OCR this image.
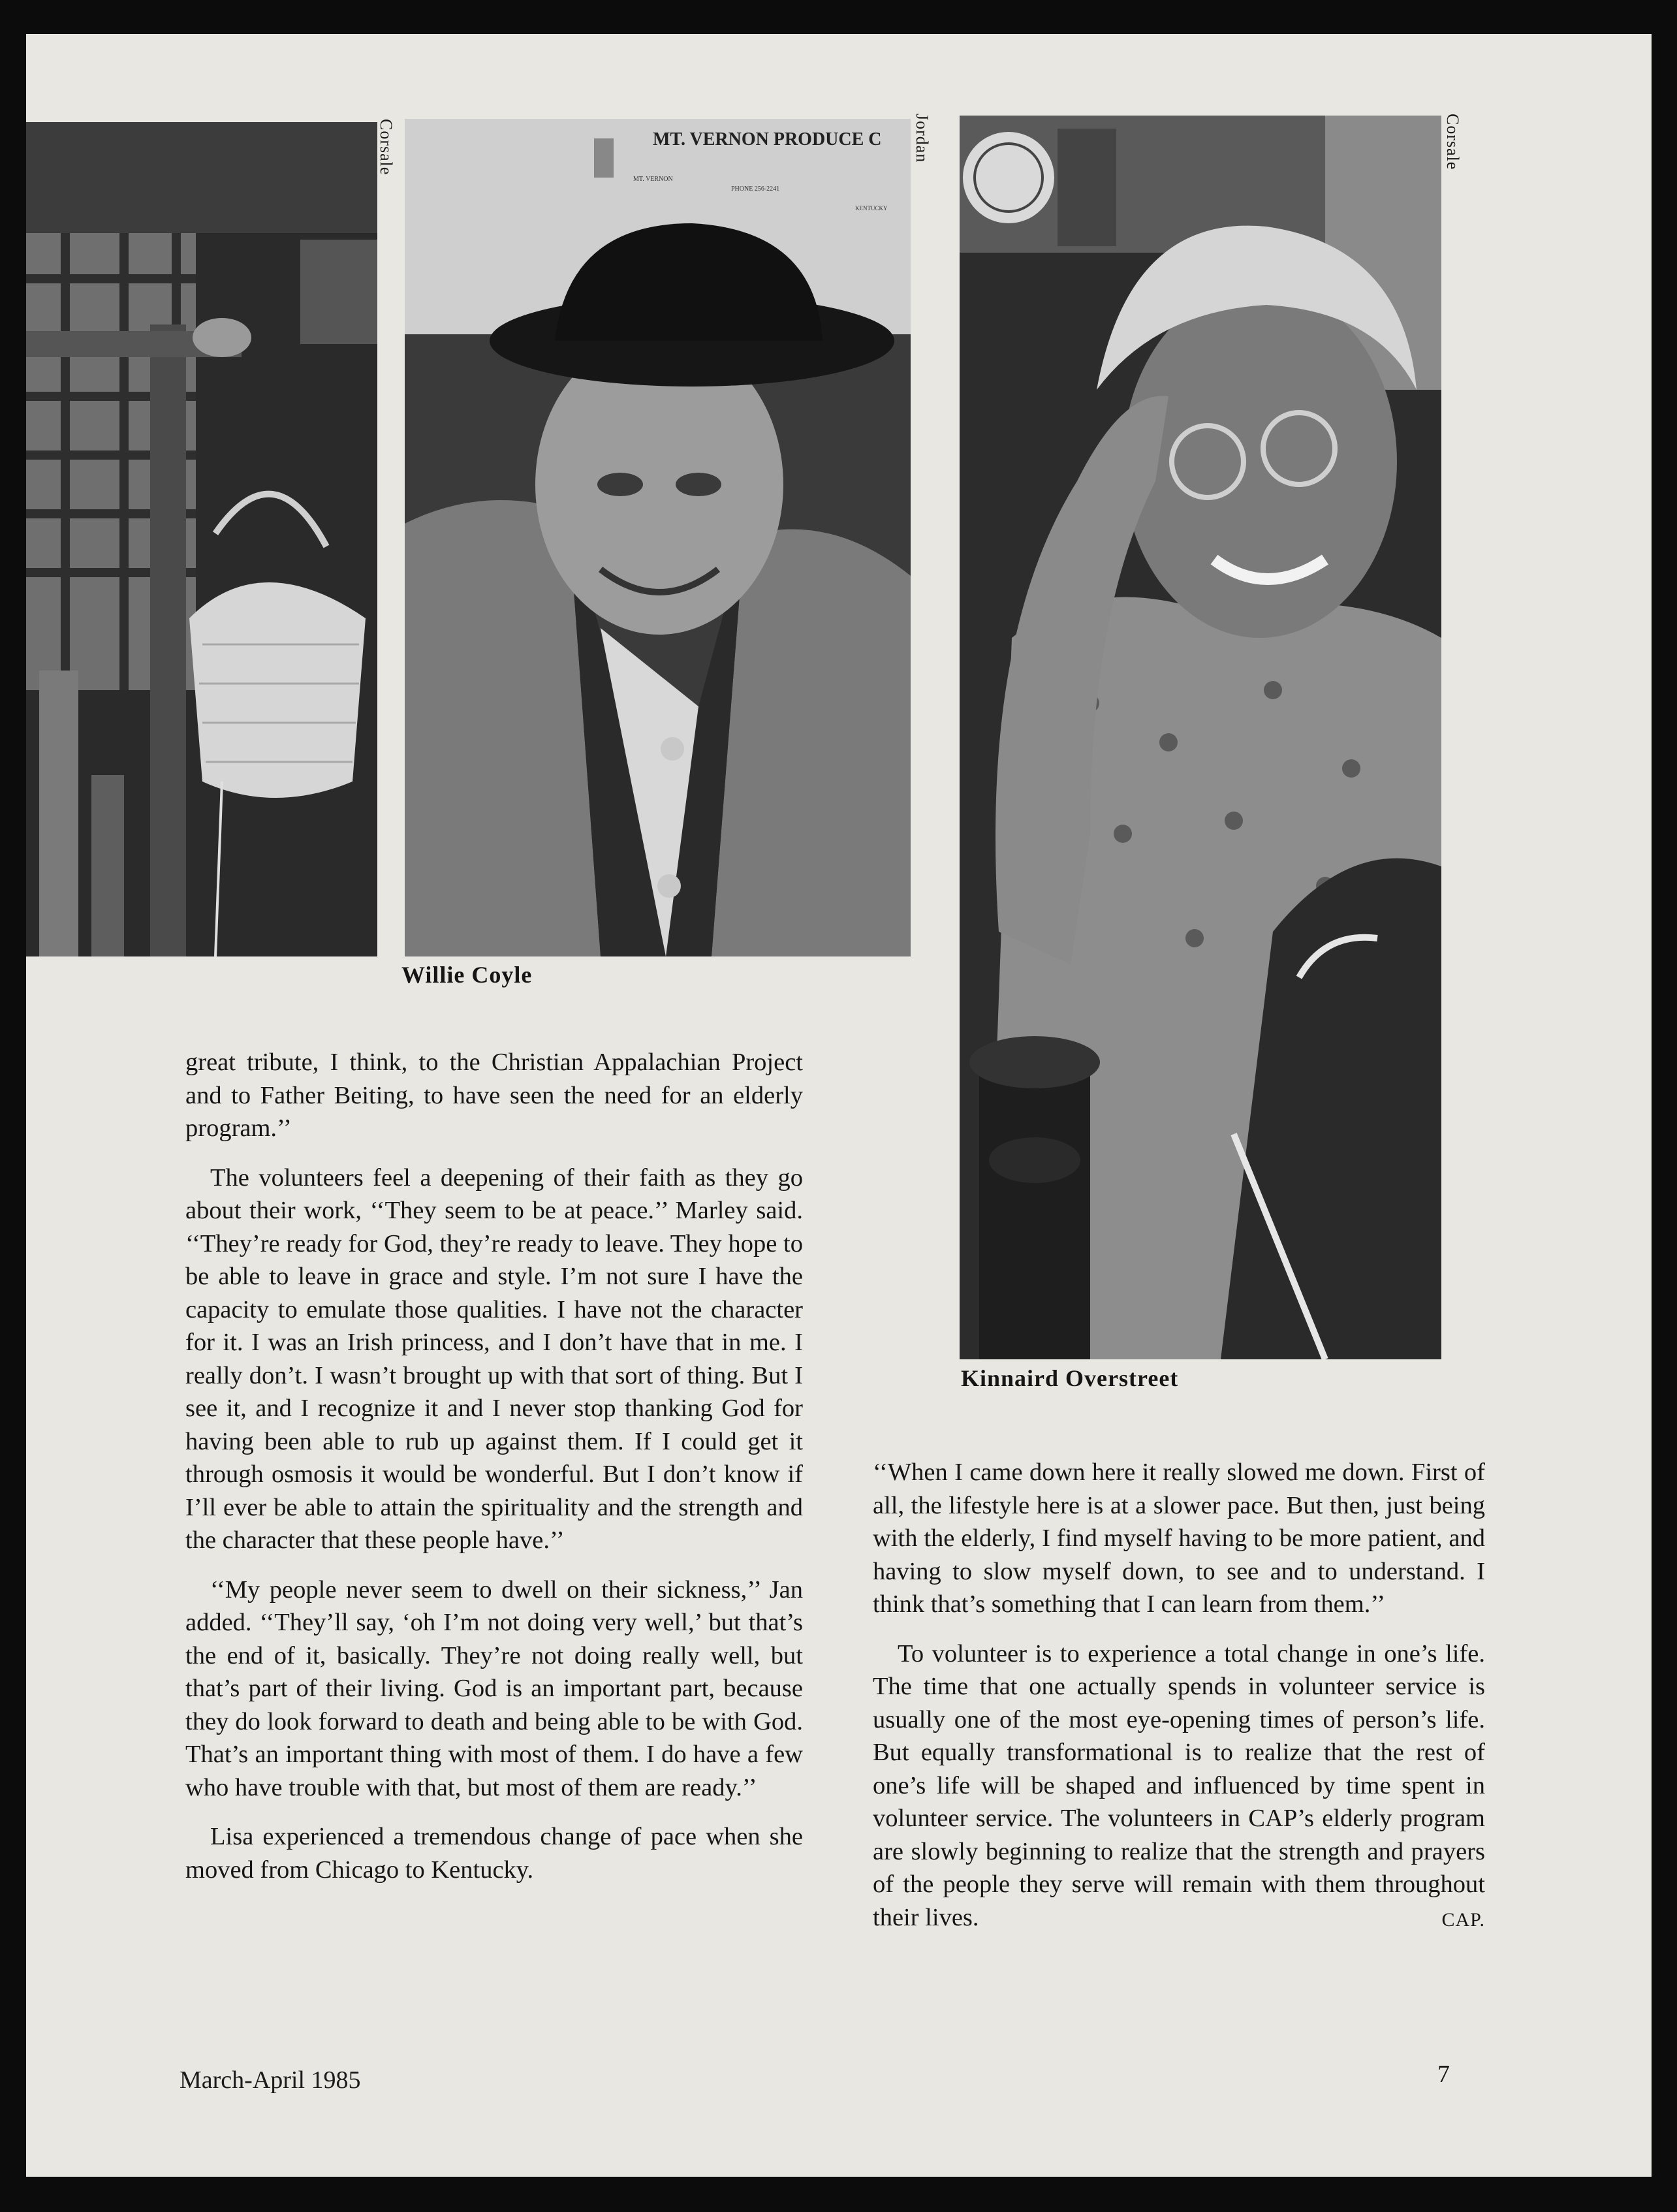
Corsale	MT. VERNON PRODUCE C
MT. VERNON
PHONE 256-2241
KENTUCKY
Jordan
Willie Coyle
Corsale
Kinnaird Overstreet

great tribute, I think, to the Christian Appalachian Project and to Father Beiting, to have seen the need for an elderly program.’’

The volunteers feel a deepening of their faith as they go about their work, ‘‘They seem to be at peace.’’ Marley said. ‘‘They’re ready for God, they’re ready to leave. They hope to be able to leave in grace and style. I’m not sure I have the capacity to emulate those qualities. I have not the character for it. I was an Irish princess, and I don’t have that in me. I really don’t. I wasn’t brought up with that sort of thing. But I see it, and I recognize it and I never stop thanking God for having been able to rub up against them. If I could get it through osmosis it would be wonderful. But I don’t know if I’ll ever be able to attain the spirituality and the strength and the character that these people have.’’

‘‘My people never seem to dwell on their sickness,’’ Jan added. ‘‘They’ll say, ‘oh I’m not doing very well,’ but that’s the end of it, basically. They’re not doing really well, but that’s part of their living. God is an important part, because they do look forward to death and being able to be with God. That’s an important thing with most of them. I do have a few who have trouble with that, but most of them are ready.’’

Lisa experienced a tremendous change of pace when she moved from Chicago to Kentucky.

‘‘When I came down here it really slowed me down. First of all, the lifestyle here is at a slower pace. But then, just being with the elderly, I find myself having to be more patient, and having to slow myself down, to see and to understand. I think that’s something that I can learn from them.’’

To volunteer is to experience a total change in one’s life. The time that one actually spends in volunteer service is usually one of the most eye-opening times of person’s life. But equally transformational is to realize that the rest of one’s life will be shaped and influenced by time spent in volunteer service. The volunteers in CAP’s elderly program are slowly beginning to realize that the strength and prayers of the people they serve will remain with them throughout their lives.	CAP.

March-April 1985	7
